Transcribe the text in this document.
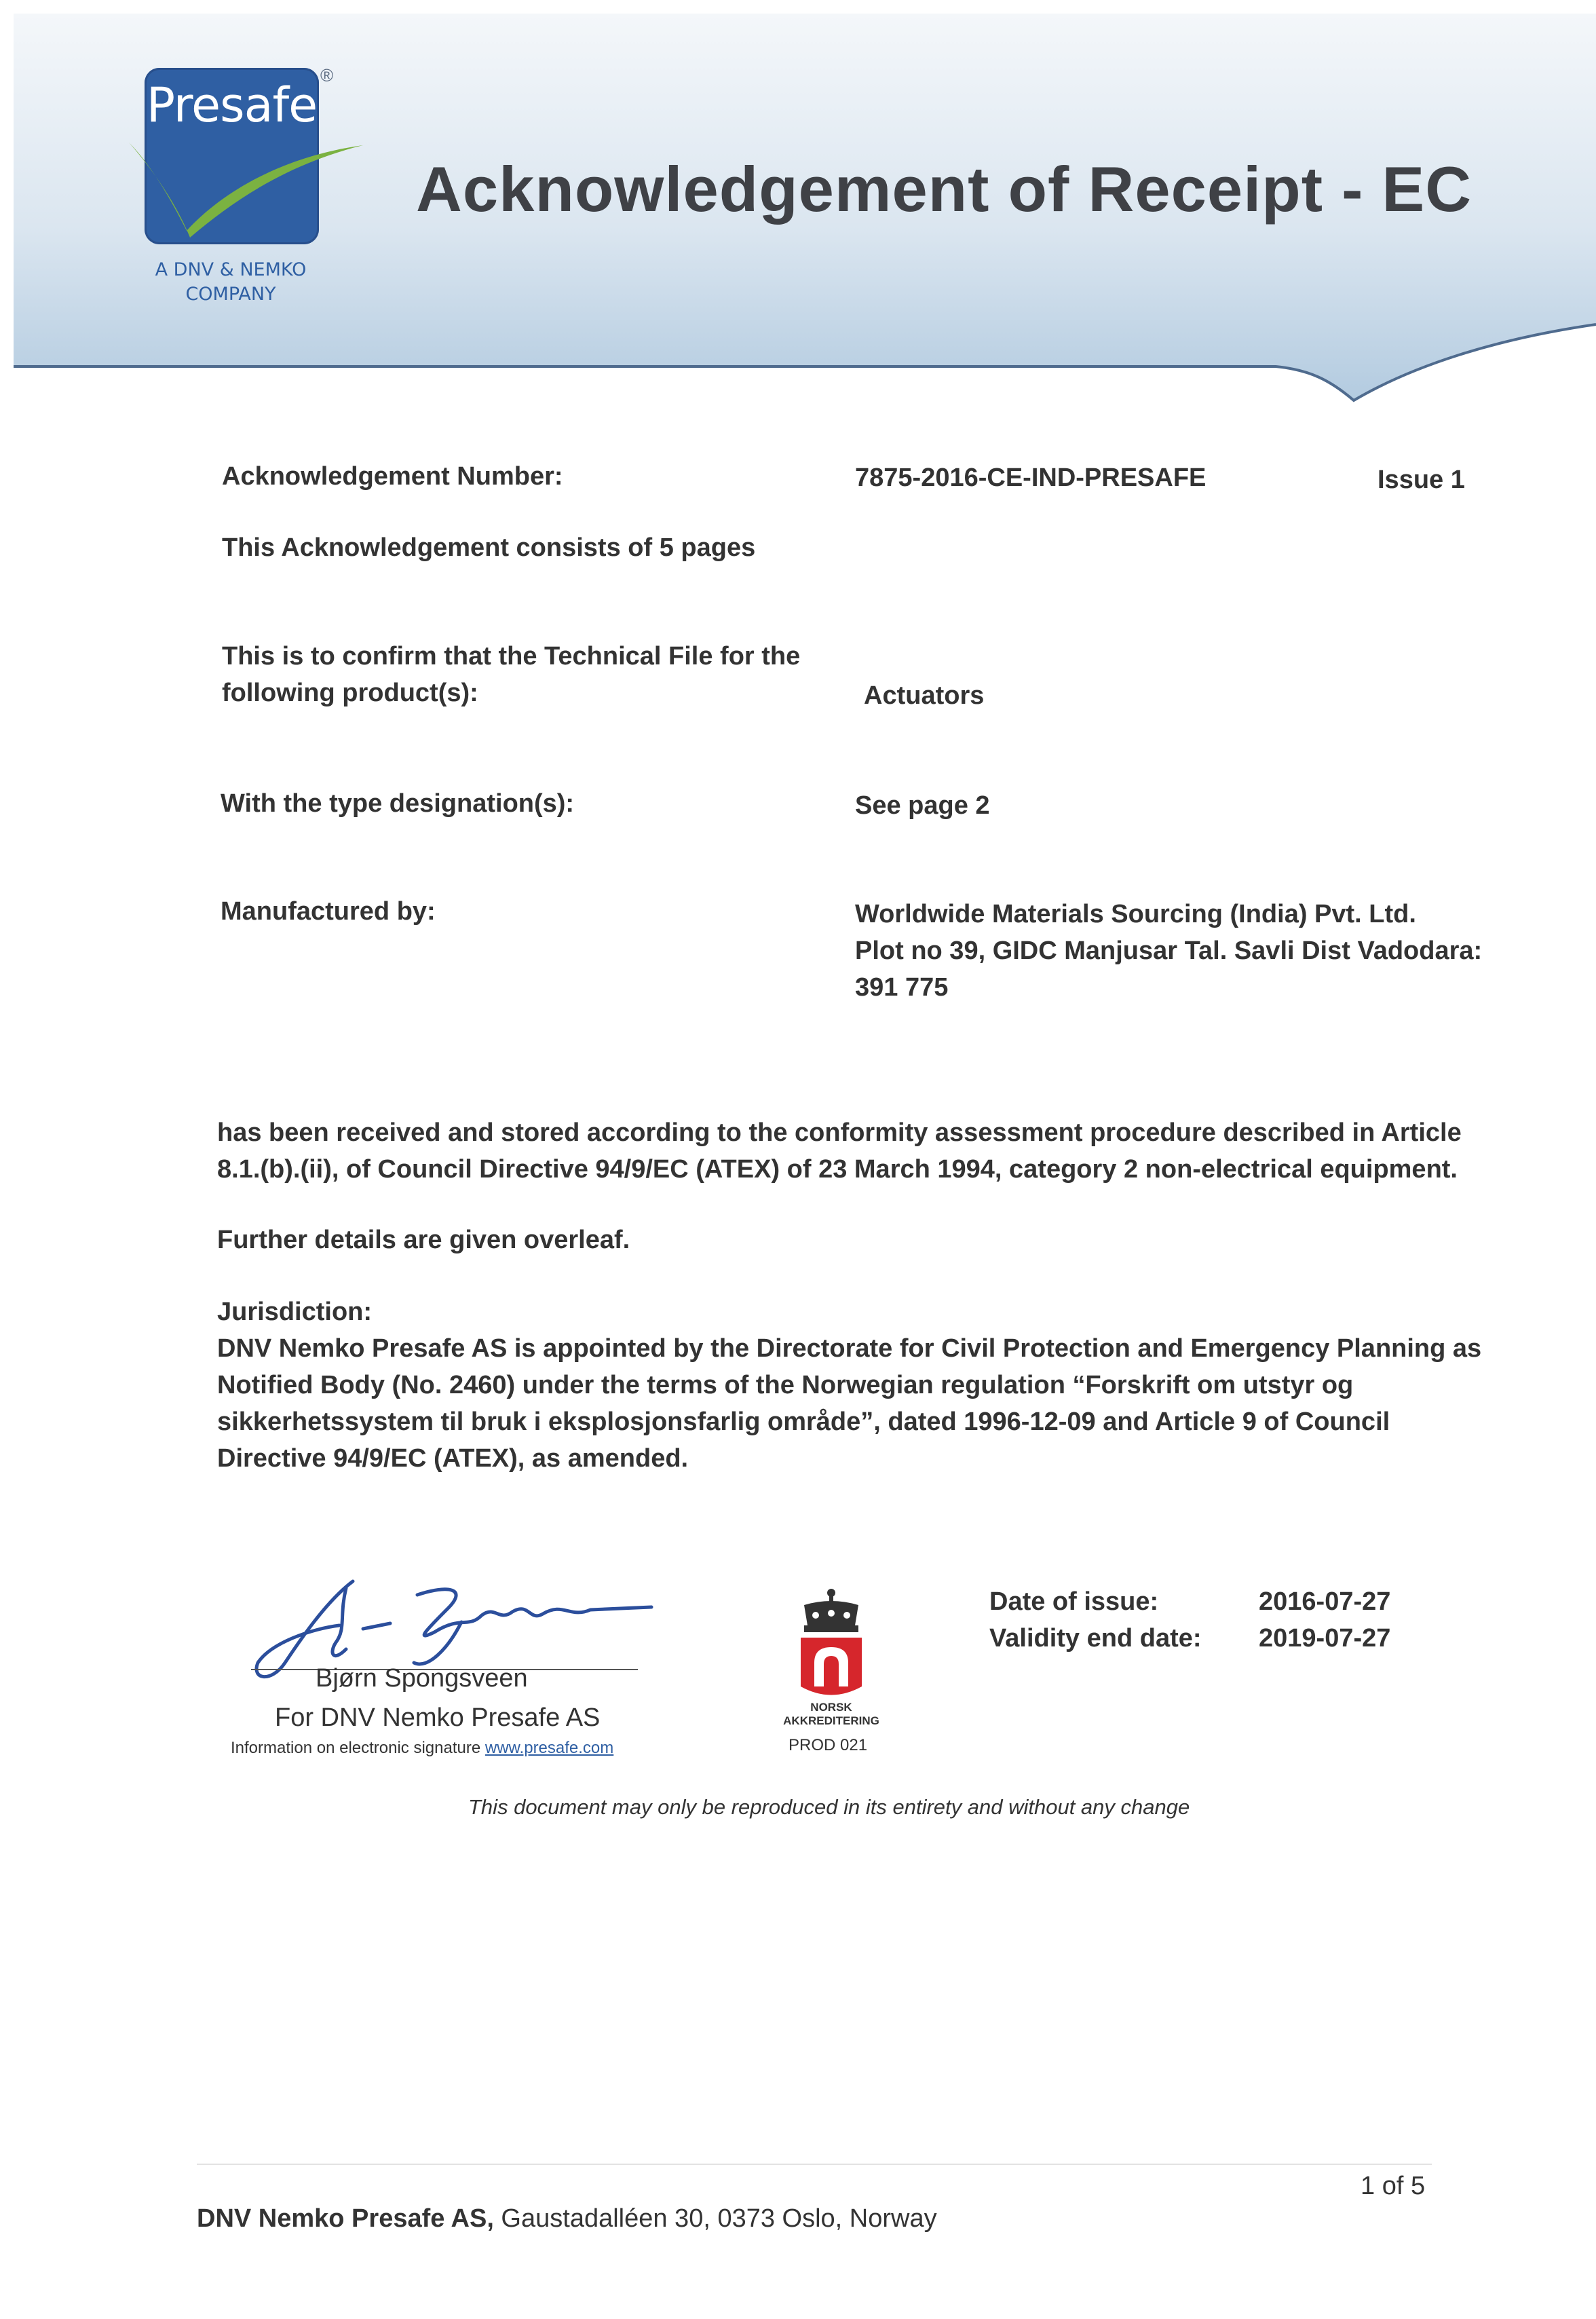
Presafe
®
A DNV & NEMKO
COMPANY
Acknowledgement of Receipt - EC
Acknowledgement Number:	7875-2016-CE-IND-PRESAFE	Issue 1
This Acknowledgement consists of 5 pages
This is to confirm that the Technical File for the
following product(s):	Actuators
With the type designation(s):	See page 2
Manufactured by:	Worldwide Materials Sourcing (India) Pvt. Ltd.
Plot no 39, GIDC Manjusar Tal. Savli Dist Vadodara:
391 775

has been received and stored according to the conformity assessment procedure described in Article

8.1.(b).(ii), of Council Directive 94/9/EC (ATEX) of 23 March 1994, category 2 non-electrical equipment.

Further details are given overleaf.

Jurisdiction:

DNV Nemko Presafe AS is appointed by the Directorate for Civil Protection and Emergency Planning as

Notified Body (No. 2460) under the terms of the Norwegian regulation “Forskrift om utstyr og

sikkerhetssystem til bruk i eksplosjonsfarlig område”, dated 1996-12-09 and Article 9 of Council

Directive 94/9/EC (ATEX), as amended.

Bjørn Spongsveen
For DNV Nemko Presafe AS
Information on electronic signature www.presafe.com
NORSK
AKKREDITERING
PROD 021
Date of issue:	2016-07-27
Validity end date: 2019-07-27
This document may only be reproduced in its entirety and without any change
1 of 5
DNV Nemko Presafe AS, Gaustadalléen 30, 0373 Oslo, Norway
